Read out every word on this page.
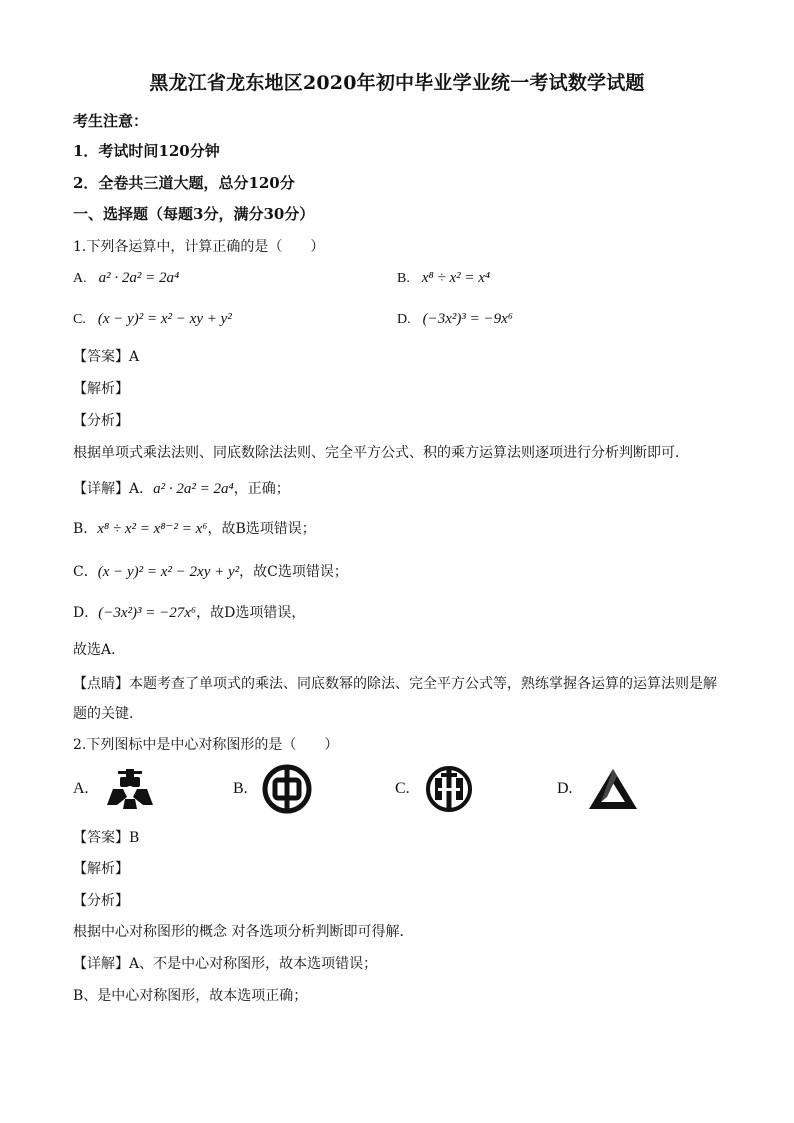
黑龙江省龙东地区2020年初中毕业学业统一考试数学试题
考生注意：
1．考试时间120分钟
2．全卷共三道大题，总分120分
一、选择题（每题3分，满分30分）
1.下列各运算中，计算正确的是（　　）
A. a² · 2a² = 2a⁴	B. x⁸ ÷ x² = x⁴
C. (x − y)² = x² − xy + y²	D. (−3x²)³ = −9x⁶
【答案】A
【解析】
【分析】
根据单项式乘法法则、同底数除法法则、完全平方公式、积的乘方运算法则逐项进行分析判断即可．
【详解】A．a² · 2a² = 2a⁴，正确；
B．x⁸ ÷ x² = x⁸⁻² = x⁶，故B选项错误；
C．(x − y)² = x² − 2xy + y²，故C选项错误；
D．(−3x²)³ = −27x⁶，故D选项错误，
故选A．
【点睛】本题考查了单项式的乘法、同底数幂的除法、完全平方公式等，熟练掌握各运算的运算法则是解
题的关键．
2.下列图标中是中心对称图形的是（　　）
A.	B.	C.	D.
【答案】B
【解析】
【分析】
根据中心对称图形的概念 对各选项分析判断即可得解．
【详解】A、不是中心对称图形，故本选项错误；
B、是中心对称图形，故本选项正确；
